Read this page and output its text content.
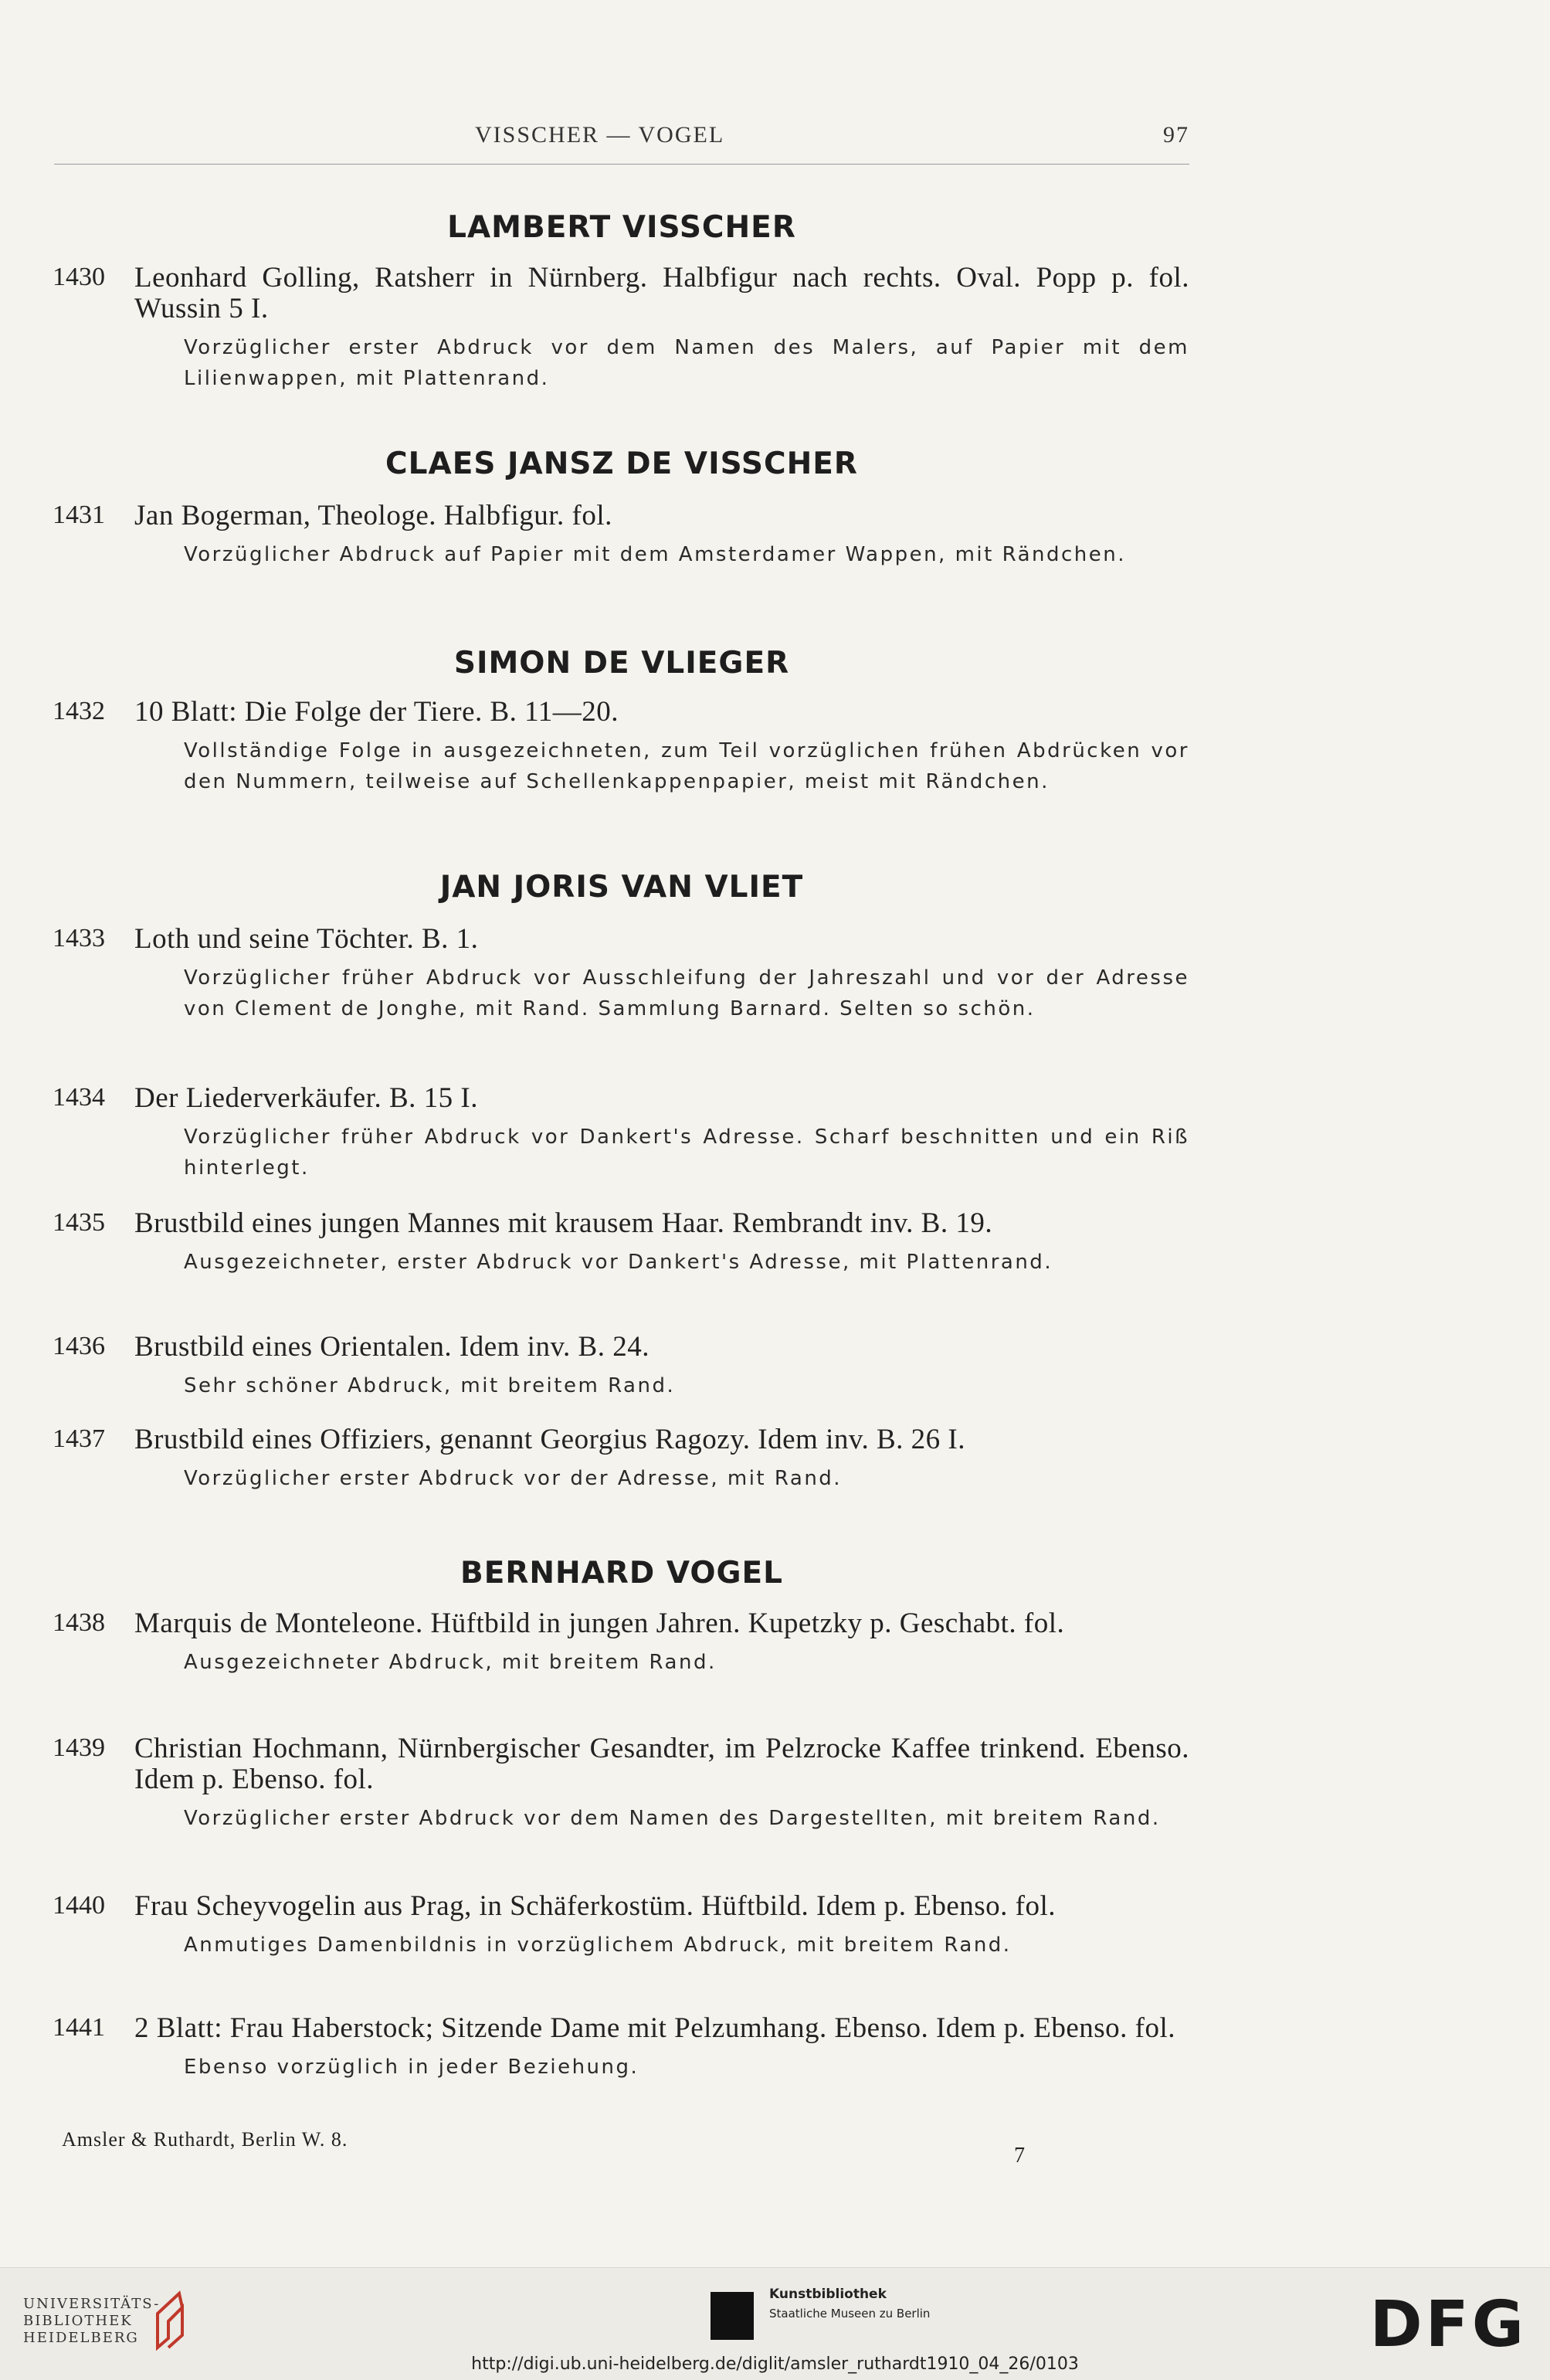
VISSCHER — VOGEL	97
LAMBERT VISSCHER
1430 Leonhard Golling, Ratsherr in Nürnberg. Halbfigur nach rechts. Oval. Popp p. fol. Wussin 5 I.
Vorzüglicher erster Abdruck vor dem Namen des Malers, auf Papier mit dem Lilienwappen, mit Plattenrand.
CLAES JANSZ DE VISSCHER
1431 Jan Bogerman, Theologe. Halbfigur. fol.
Vorzüglicher Abdruck auf Papier mit dem Amsterdamer Wappen, mit Rändchen.
SIMON DE VLIEGER
1432 10 Blatt: Die Folge der Tiere. B. 11—20.
Vollständige Folge in ausgezeichneten, zum Teil vorzüglichen frühen Abdrücken vor den Nummern, teilweise auf Schellenkappenpapier, meist mit Rändchen.
JAN JORIS VAN VLIET
1433 Loth und seine Töchter. B. 1.
Vorzüglicher früher Abdruck vor Ausschleifung der Jahreszahl und vor der Adresse von Clement de Jonghe, mit Rand. Sammlung Barnard. Selten so schön.
1434 Der Liederverkäufer. B. 15 I.
Vorzüglicher früher Abdruck vor Dankert's Adresse. Scharf beschnitten und ein Riß hinterlegt.
1435 Brustbild eines jungen Mannes mit krausem Haar. Rembrandt inv. B. 19.
Ausgezeichneter, erster Abdruck vor Dankert's Adresse, mit Plattenrand.
1436 Brustbild eines Orientalen. Idem inv. B. 24.
Sehr schöner Abdruck, mit breitem Rand.
1437 Brustbild eines Offiziers, genannt Georgius Ragozy. Idem inv. B. 26 I.
Vorzüglicher erster Abdruck vor der Adresse, mit Rand.
BERNHARD VOGEL
1438 Marquis de Monteleone. Hüftbild in jungen Jahren. Kupetzky p. Geschabt. fol.
Ausgezeichneter Abdruck, mit breitem Rand.
1439 Christian Hochmann, Nürnbergischer Gesandter, im Pelzrocke Kaffee trinkend. Ebenso. Idem p. Ebenso. fol.
Vorzüglicher erster Abdruck vor dem Namen des Dargestellten, mit breitem Rand.
1440 Frau Scheyvogelin aus Prag, in Schäferkostüm. Hüftbild. Idem p. Ebenso. fol.
Anmutiges Damenbildnis in vorzüglichem Abdruck, mit breitem Rand.
1441 2 Blatt: Frau Haberstock; Sitzende Dame mit Pelzumhang. Ebenso. Idem p. Ebenso. fol.
Ebenso vorzüglich in jeder Beziehung.
Amsler & Ruthardt, Berlin W. 8.
7
UNIVERSITÄTS-
BIBLIOTHEK
HEIDELBERG
Kunstbibliothek
Staatliche Museen zu Berlin	DFG
http://digi.ub.uni-heidelberg.de/diglit/amsler_ruthardt1910_04_26/0103
